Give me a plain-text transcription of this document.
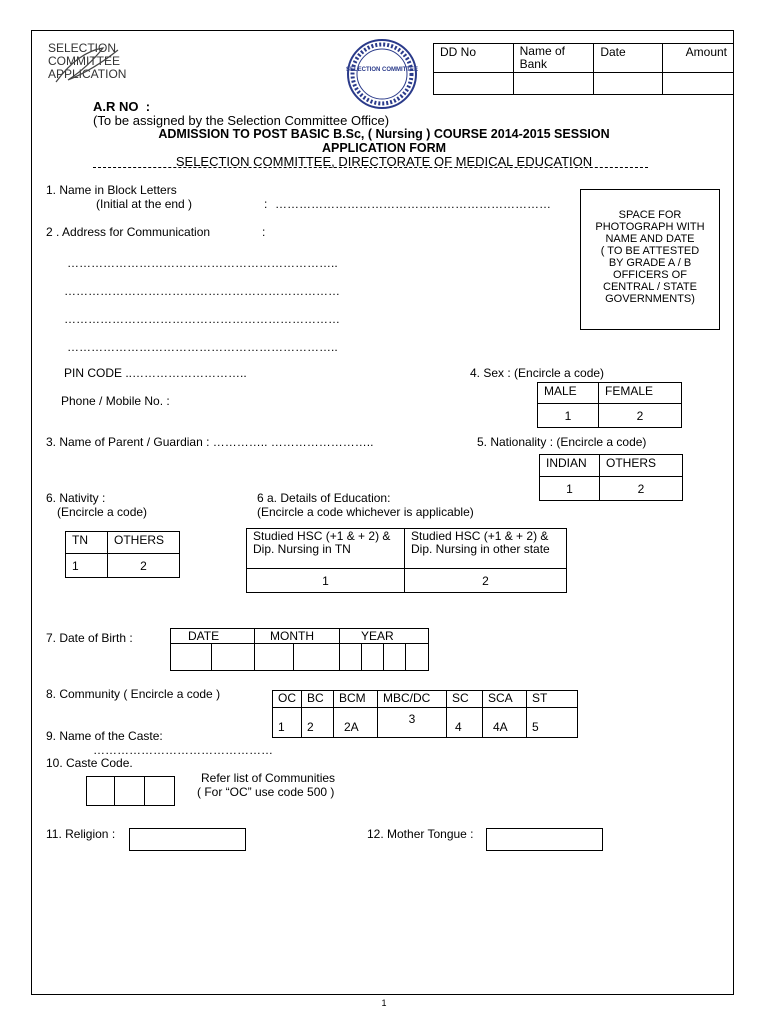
SELECTION
COMMITTEE
APPLICATION	SELECTION COMMITTEE
DD No	Name of Bank	Date	Amount

A.R NO :
(To be assigned by the Selection Committee Office)
ADMISSION TO POST BASIC B.Sc, ( Nursing ) COURSE 2014-2015 SESSION
APPLICATION FORM
SELECTION COMMITTEE, DIRECTORATE OF MEDICAL EDUCATION
1. Name in Block Letters
(Initial at the end )	: ……………………………………………………………
SPACE FOR
PHOTOGRAPH WITH
NAME AND DATE
( TO BE ATTESTED
BY GRADE A / B
OFFICERS OF
CENTRAL / STATE
GOVERNMENTS)
2 . Address for Communication	:
…………………………………………………………..
……………………………………………………………
……………………………………………………………
…………………………………………………………..
PIN CODE ..………………………..
Phone / Mobile No. :
4. Sex : (Encircle a code)
MALE	FEMALE
1	2
3. Name of Parent / Guardian : ………….. ……………………..	5. Nationality : (Encircle a code)
INDIAN	OTHERS
1	2
6. Nativity :
(Encircle a code)
TN	OTHERS
1	2
6 a. Details of Education:
(Encircle a code whichever is applicable)
Studied HSC (+1 & + 2) & Dip. Nursing in TN	Studied HSC (+1 & + 2) & Dip. Nursing in other state
1	2
7. Date of Birth :	DATE	MONTH	YEAR
8. Community ( Encircle a code )	OC	BC	BCM	MBC/DC	SC	SCA	ST
1	2	2A	3	4	4A	5
9. Name of the Caste:
………………………………………
10. Caste Code.
Refer list of Communities
( For “OC” use code 500 )
11. Religion :	12. Mother Tongue :
1
